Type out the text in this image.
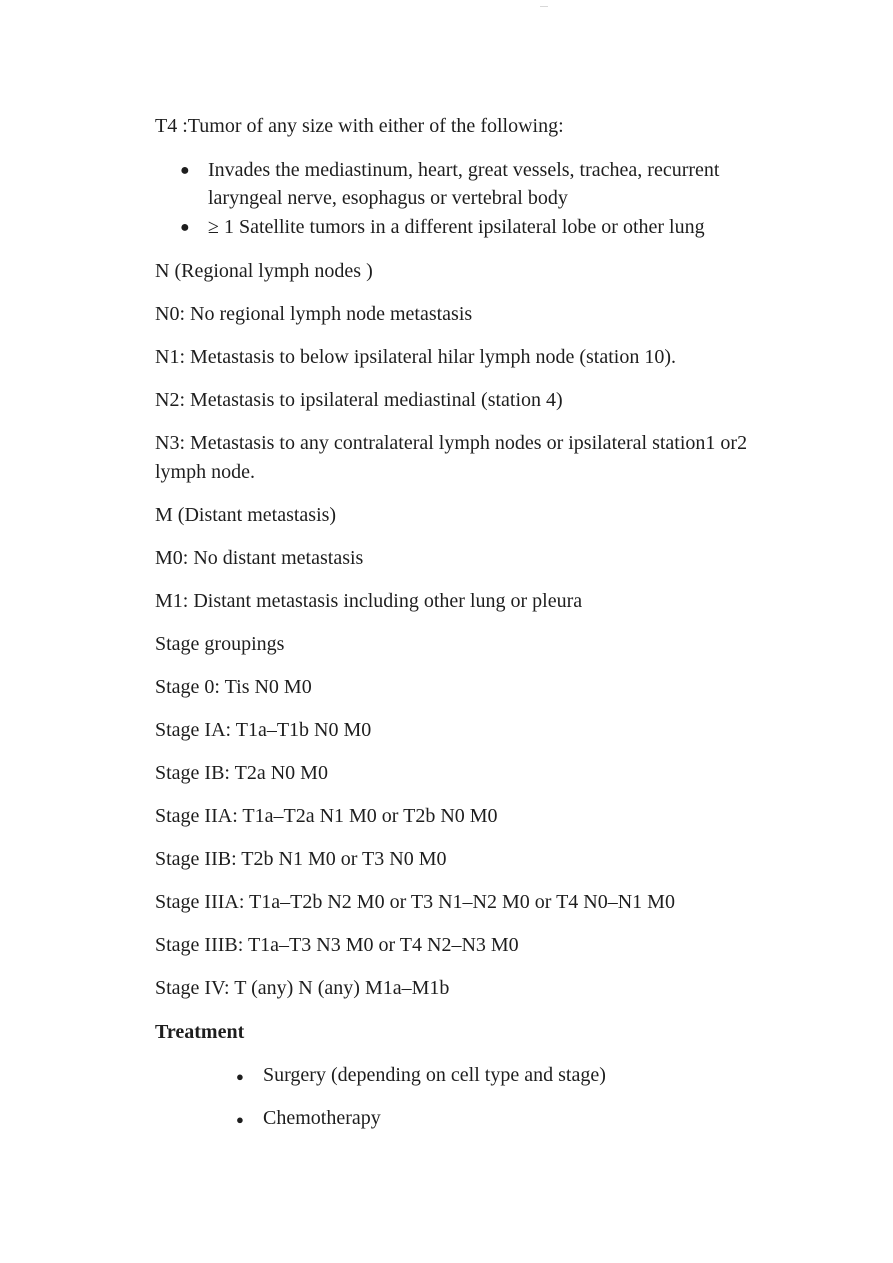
T4 :Tumor of any size with either of the following:
● Invades the mediastinum, heart, great vessels, trachea, recurrent
laryngeal nerve, esophagus or vertebral body
● ≥ 1 Satellite tumors in a different ipsilateral lobe or other lung
N (Regional lymph nodes )
N0: No regional lymph node metastasis
N1: Metastasis to below ipsilateral hilar lymph node (station 10).
N2: Metastasis to ipsilateral mediastinal (station 4)
N3: Metastasis to any contralateral lymph nodes or ipsilateral station1 or2
lymph node.
M (Distant metastasis)
M0: No distant metastasis
M1: Distant metastasis including other lung or pleura
Stage groupings
Stage 0: Tis N0 M0
Stage IA: T1a–T1b N0 M0
Stage IB: T2a N0 M0
Stage IIA: T1a–T2a N1 M0 or T2b N0 M0
Stage IIB: T2b N1 M0 or T3 N0 M0
Stage IIIA: T1a–T2b N2 M0 or T3 N1–N2 M0 or T4 N0–N1 M0
Stage IIIB: T1a–T3 N3 M0 or T4 N2–N3 M0
Stage IV: T (any) N (any) M1a–M1b
Treatment
● Surgery (depending on cell type and stage)
● Chemotherapy
